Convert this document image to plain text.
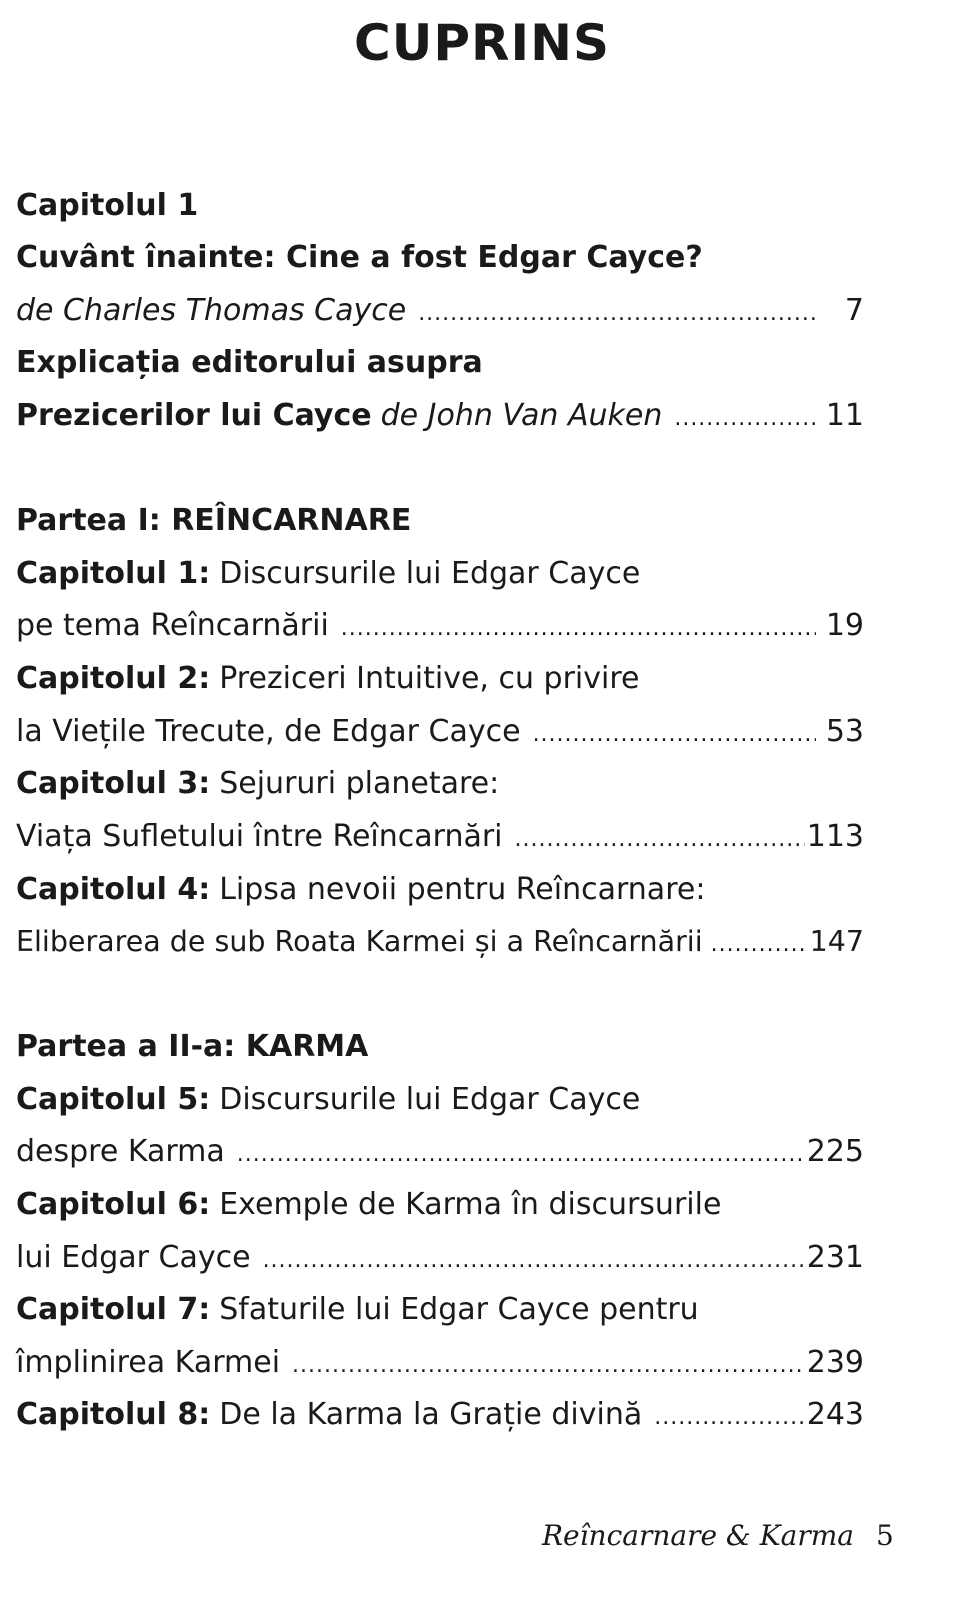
CUPRINS
Capitolul 1
Cuvânt înainte: Cine a fost Edgar Cayce?
de Charles Thomas Cayce .....	7
Explicația editorului asupra
Prezicerilor lui Cayce de John Van Auken .....	11
Partea I: REÎNCARNARE
Capitolul 1: Discursurile lui Edgar Cayce
pe tema Reîncarnării .....	19
Capitolul 2: Preziceri Intuitive, cu privire
la Viețile Trecute, de Edgar Cayce .....	53
Capitolul 3: Sejururi planetare:
Viața Sufletului între Reîncarnări .....	113
Capitolul 4: Lipsa nevoii pentru Reîncarnare:
Eliberarea de sub Roata Karmei și a Reîncarnării .....	147
Partea a II-a: KARMA
Capitolul 5: Discursurile lui Edgar Cayce
despre Karma .....	225
Capitolul 6: Exemple de Karma în discursurile
lui Edgar Cayce .....	231
Capitolul 7: Sfaturile lui Edgar Cayce pentru
împlinirea Karmei .....	239
Capitolul 8: De la Karma la Grație divină .....	243
Reîncarnare & Karma 5
